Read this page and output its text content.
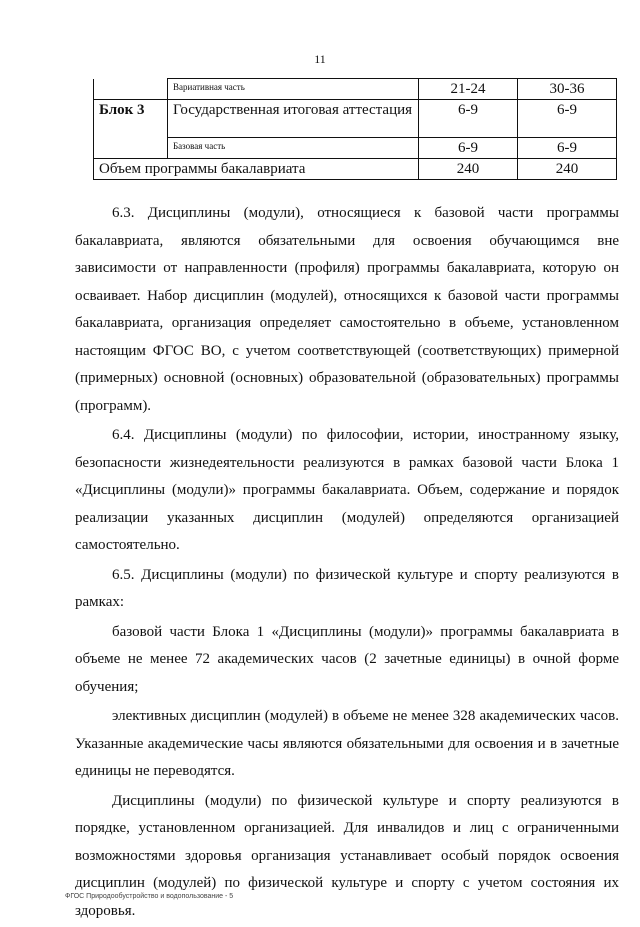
11
	Вариативная часть	21-24	30-36
Блок 3	Государственная итоговая аттестация	6-9	6-9
	Базовая часть	6-9	6-9
Объем программы бакалавриата		240	240

6.3. Дисциплины (модули), относящиеся к базовой части программы бакалавриата, являются обязательными для освоения обучающимся вне зависимости от направленности (профиля) программы бакалавриата, которую он осваивает. Набор дисциплин (модулей), относящихся к базовой части программы бакалавриата, организация определяет самостоятельно в объеме, установленном настоящим ФГОС ВО, с учетом соответствующей (соответствующих) примерной (примерных) основной (основных) образовательной (образовательных) программы (программ).

6.4. Дисциплины (модули) по философии, истории, иностранному языку, безопасности жизнедеятельности реализуются в рамках базовой части Блока 1 «Дисциплины (модули)» программы бакалавриата. Объем, содержание и порядок реализации указанных дисциплин (модулей) определяются организацией самостоятельно.

6.5. Дисциплины (модули) по физической культуре и спорту реализуются в рамках:

базовой части Блока 1 «Дисциплины (модули)» программы бакалавриата в объеме не менее 72 академических часов (2 зачетные единицы) в очной форме обучения;

элективных дисциплин (модулей) в объеме не менее 328 академических часов. Указанные академические часы являются обязательными для освоения и в зачетные единицы не переводятся.

Дисциплины (модули) по физической культуре и спорту реализуются в порядке, установленном организацией. Для инвалидов и лиц с ограниченными возможностями здоровья организация устанавливает особый порядок освоения дисциплин (модулей) по физической культуре и спорту с учетом состояния их здоровья.

ФГОС Природообустройство и водопользование - 5
